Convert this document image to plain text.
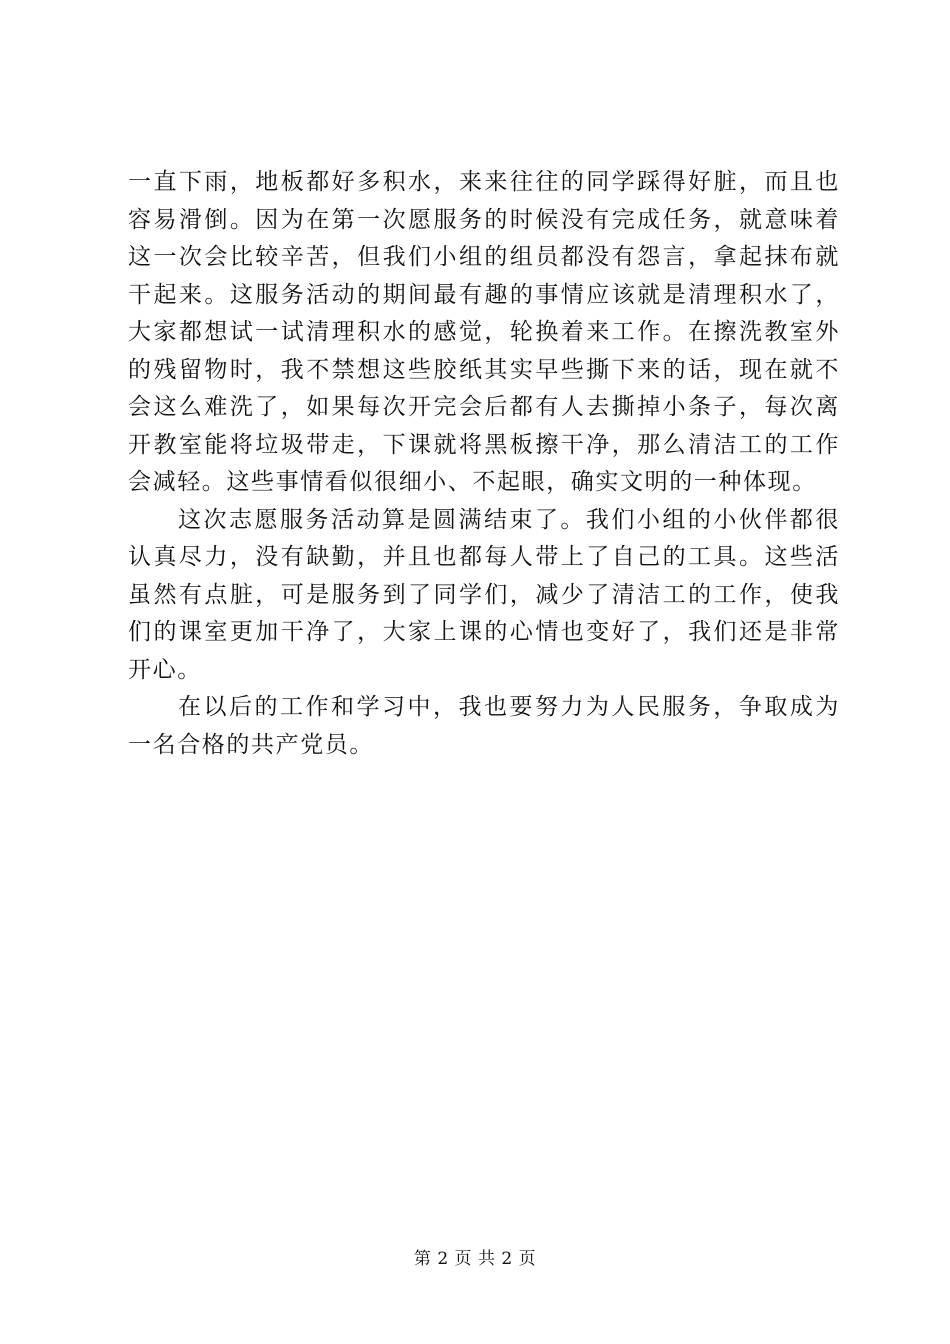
一直下雨，地板都好多积水，来来往往的同学踩得好脏，而且也容易滑倒。因为在第一次愿服务的时候没有完成任务，就意味着这一次会比较辛苦，但我们小组的组员都没有怨言，拿起抹布就干起来。这服务活动的期间最有趣的事情应该就是清理积水了，大家都想试一试清理积水的感觉，轮换着来工作。在擦洗教室外的残留物时，我不禁想这些胶纸其实早些撕下来的话，现在就不会这么难洗了，如果每次开完会后都有人去撕掉小条子，每次离开教室能将垃圾带走，下课就将黑板擦干净，那么清洁工的工作会减轻。这些事情看似很细小、不起眼，确实文明的一种体现。

这次志愿服务活动算是圆满结束了。我们小组的小伙伴都很认真尽力，没有缺勤，并且也都每人带上了自己的工具。这些活虽然有点脏，可是服务到了同学们，减少了清洁工的工作，使我们的课室更加干净了，大家上课的心情也变好了，我们还是非常开心。

在以后的工作和学习中，我也要努力为人民服务，争取成为一名合格的共产党员。

第 2 页 共 2 页
